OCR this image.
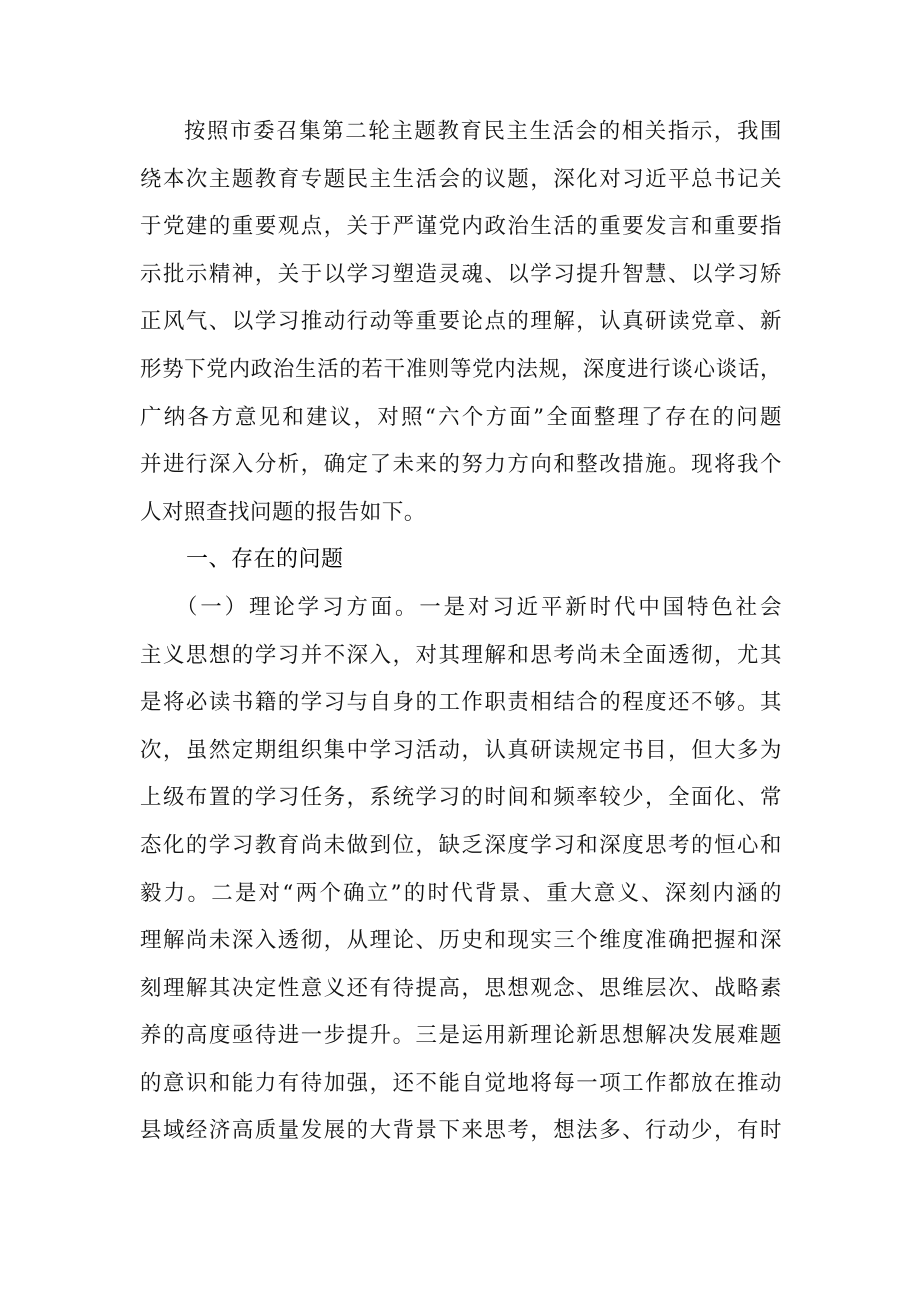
按照市委召集第二轮主题教育民主生活会的相关指示，我围
绕本次主题教育专题民主生活会的议题，深化对习近平总书记关
于党建的重要观点，关于严谨党内政治生活的重要发言和重要指
示批示精神，关于以学习塑造灵魂、以学习提升智慧、以学习矫
正风气、以学习推动行动等重要论点的理解，认真研读党章、新
形势下党内政治生活的若干准则等党内法规，深度进行谈心谈话，
广纳各方意见和建议，对照“六个方面”全面整理了存在的问题
并进行深入分析，确定了未来的努力方向和整改措施。现将我个
人对照查找问题的报告如下。
一、存在的问题
（一）理论学习方面。一是对习近平新时代中国特色社会
主义思想的学习并不深入，对其理解和思考尚未全面透彻，尤其
是将必读书籍的学习与自身的工作职责相结合的程度还不够。其
次，虽然定期组织集中学习活动，认真研读规定书目，但大多为
上级布置的学习任务，系统学习的时间和频率较少，全面化、常
态化的学习教育尚未做到位，缺乏深度学习和深度思考的恒心和
毅力。二是对“两个确立”的时代背景、重大意义、深刻内涵的
理解尚未深入透彻，从理论、历史和现实三个维度准确把握和深
刻理解其决定性意义还有待提高，思想观念、思维层次、战略素
养的高度亟待进一步提升。三是运用新理论新思想解决发展难题
的意识和能力有待加强，还不能自觉地将每一项工作都放在推动
县域经济高质量发展的大背景下来思考，想法多、行动少，有时
